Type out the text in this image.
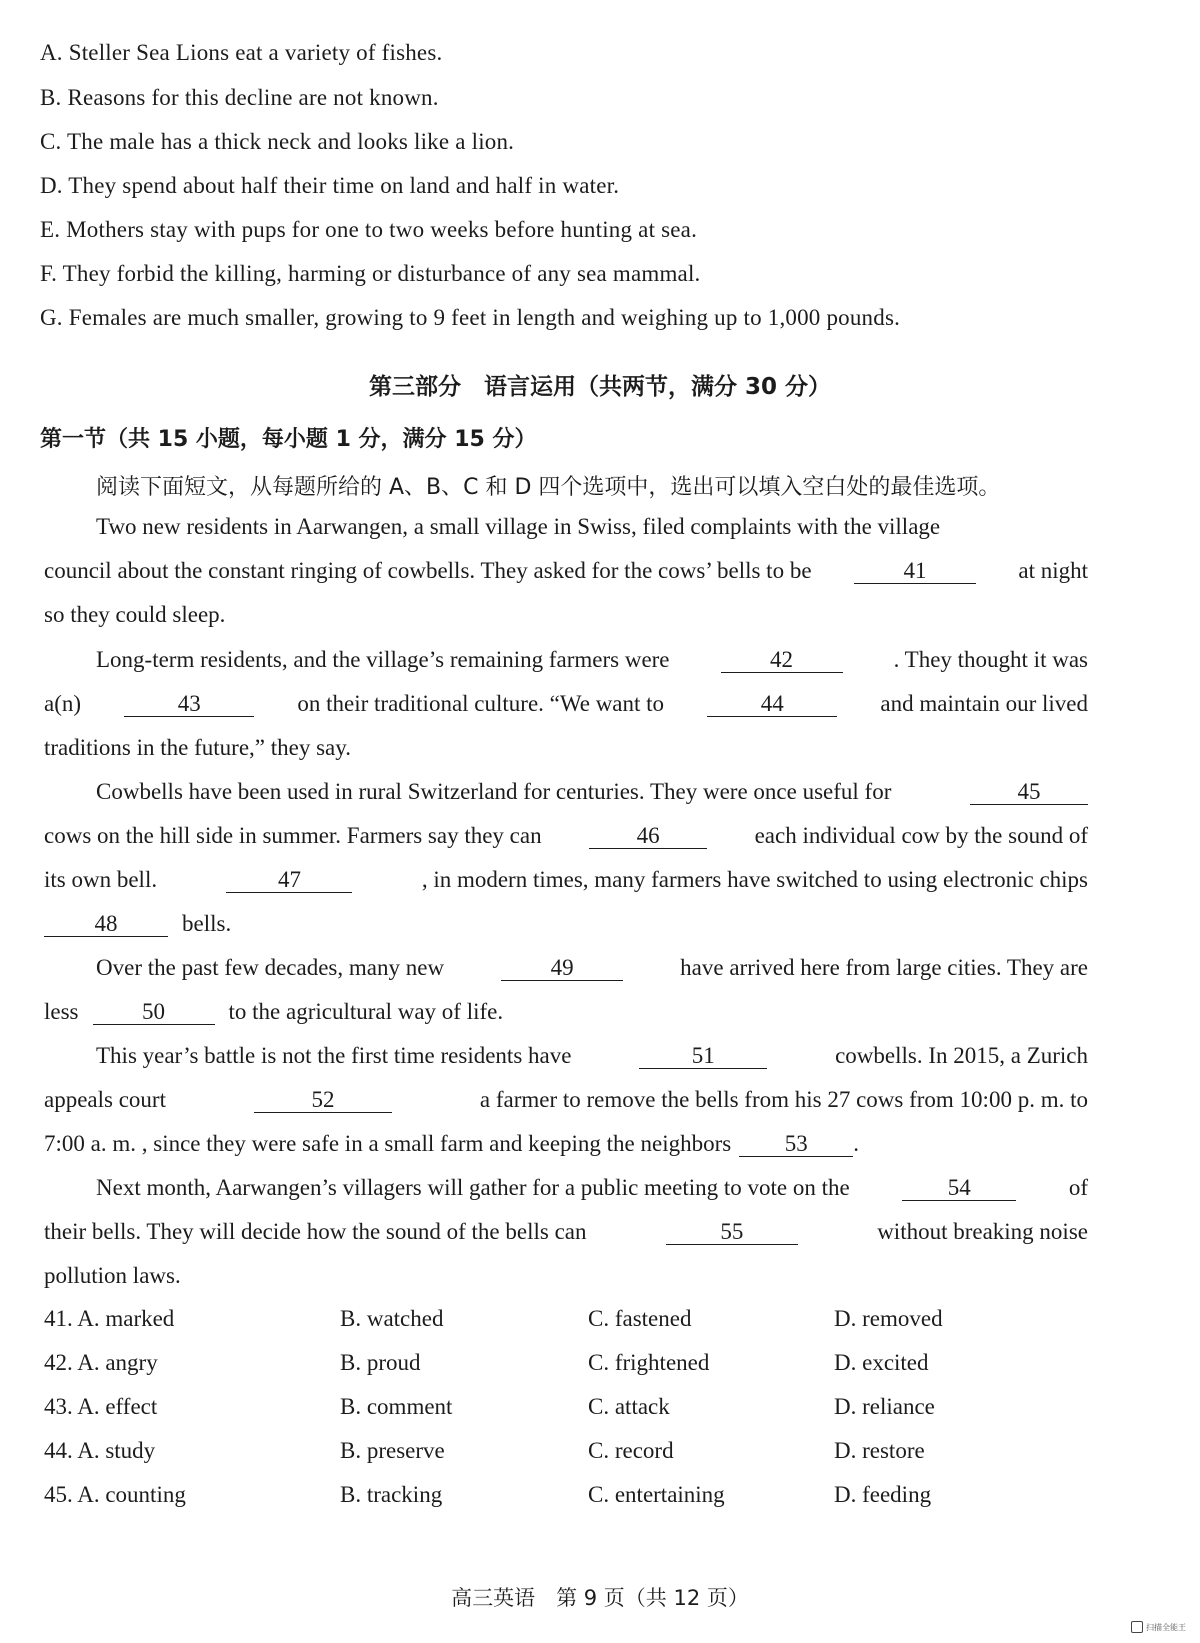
A. Steller Sea Lions eat a variety of fishes.
B. Reasons for this decline are not known.
C. The male has a thick neck and looks like a lion.
D. They spend about half their time on land and half in water.
E. Mothers stay with pups for one to two weeks before hunting at sea.
F. They forbid the killing, harming or disturbance of any sea mammal.
G. Females are much smaller, growing to 9 feet in length and weighing up to 1,000 pounds.
第三部分　语言运用（共两节，满分 30 分）
第一节（共 15 小题，每小题 1 分，满分 15 分）
阅读下面短文，从每题所给的 A、B、C 和 D 四个选项中，选出可以填入空白处的最佳选项。
Two new residents in Aarwangen, a small village in Swiss, filed complaints with the village
council about the constant ringing of cowbells. They asked for the cows’ bells to be	41	at night
so they could sleep.
Long-term residents, and the village’s remaining farmers were	42	. They thought it was
a(n)	43	on their traditional culture. “We want to	44	and maintain our lived
traditions in the future,” they say.
Cowbells have been used in rural Switzerland for centuries. They were once useful for	45
cows on the hill side in summer. Farmers say they can	46	each individual cow by the sound of
its own bell.	47	, in modern times, many farmers have switched to using electronic chips
48	bells.
Over the past few decades, many new	49	have arrived here from large cities. They are
less	50	to the agricultural way of life.
This year’s battle is not the first time residents have	51	cowbells. In 2015, a Zurich
appeals court	52	a farmer to remove the bells from his 27 cows from 10:00 p. m. to
7:00 a. m. , since they were safe in a small farm and keeping the neighbors	53	.
Next month, Aarwangen’s villagers will gather for a public meeting to vote on the	54	of
their bells. They will decide how the sound of the bells can	55	without breaking noise
pollution laws.
41. A. marked	B. watched	C. fastened	D. removed
42. A. angry	B. proud	C. frightened	D. excited
43. A. effect	B. comment	C. attack	D. reliance
44. A. study	B. preserve	C. record	D. restore
45. A. counting	B. tracking	C. entertaining	D. feeding
高三英语　第 9 页（共 12 页）
扫描全能王
